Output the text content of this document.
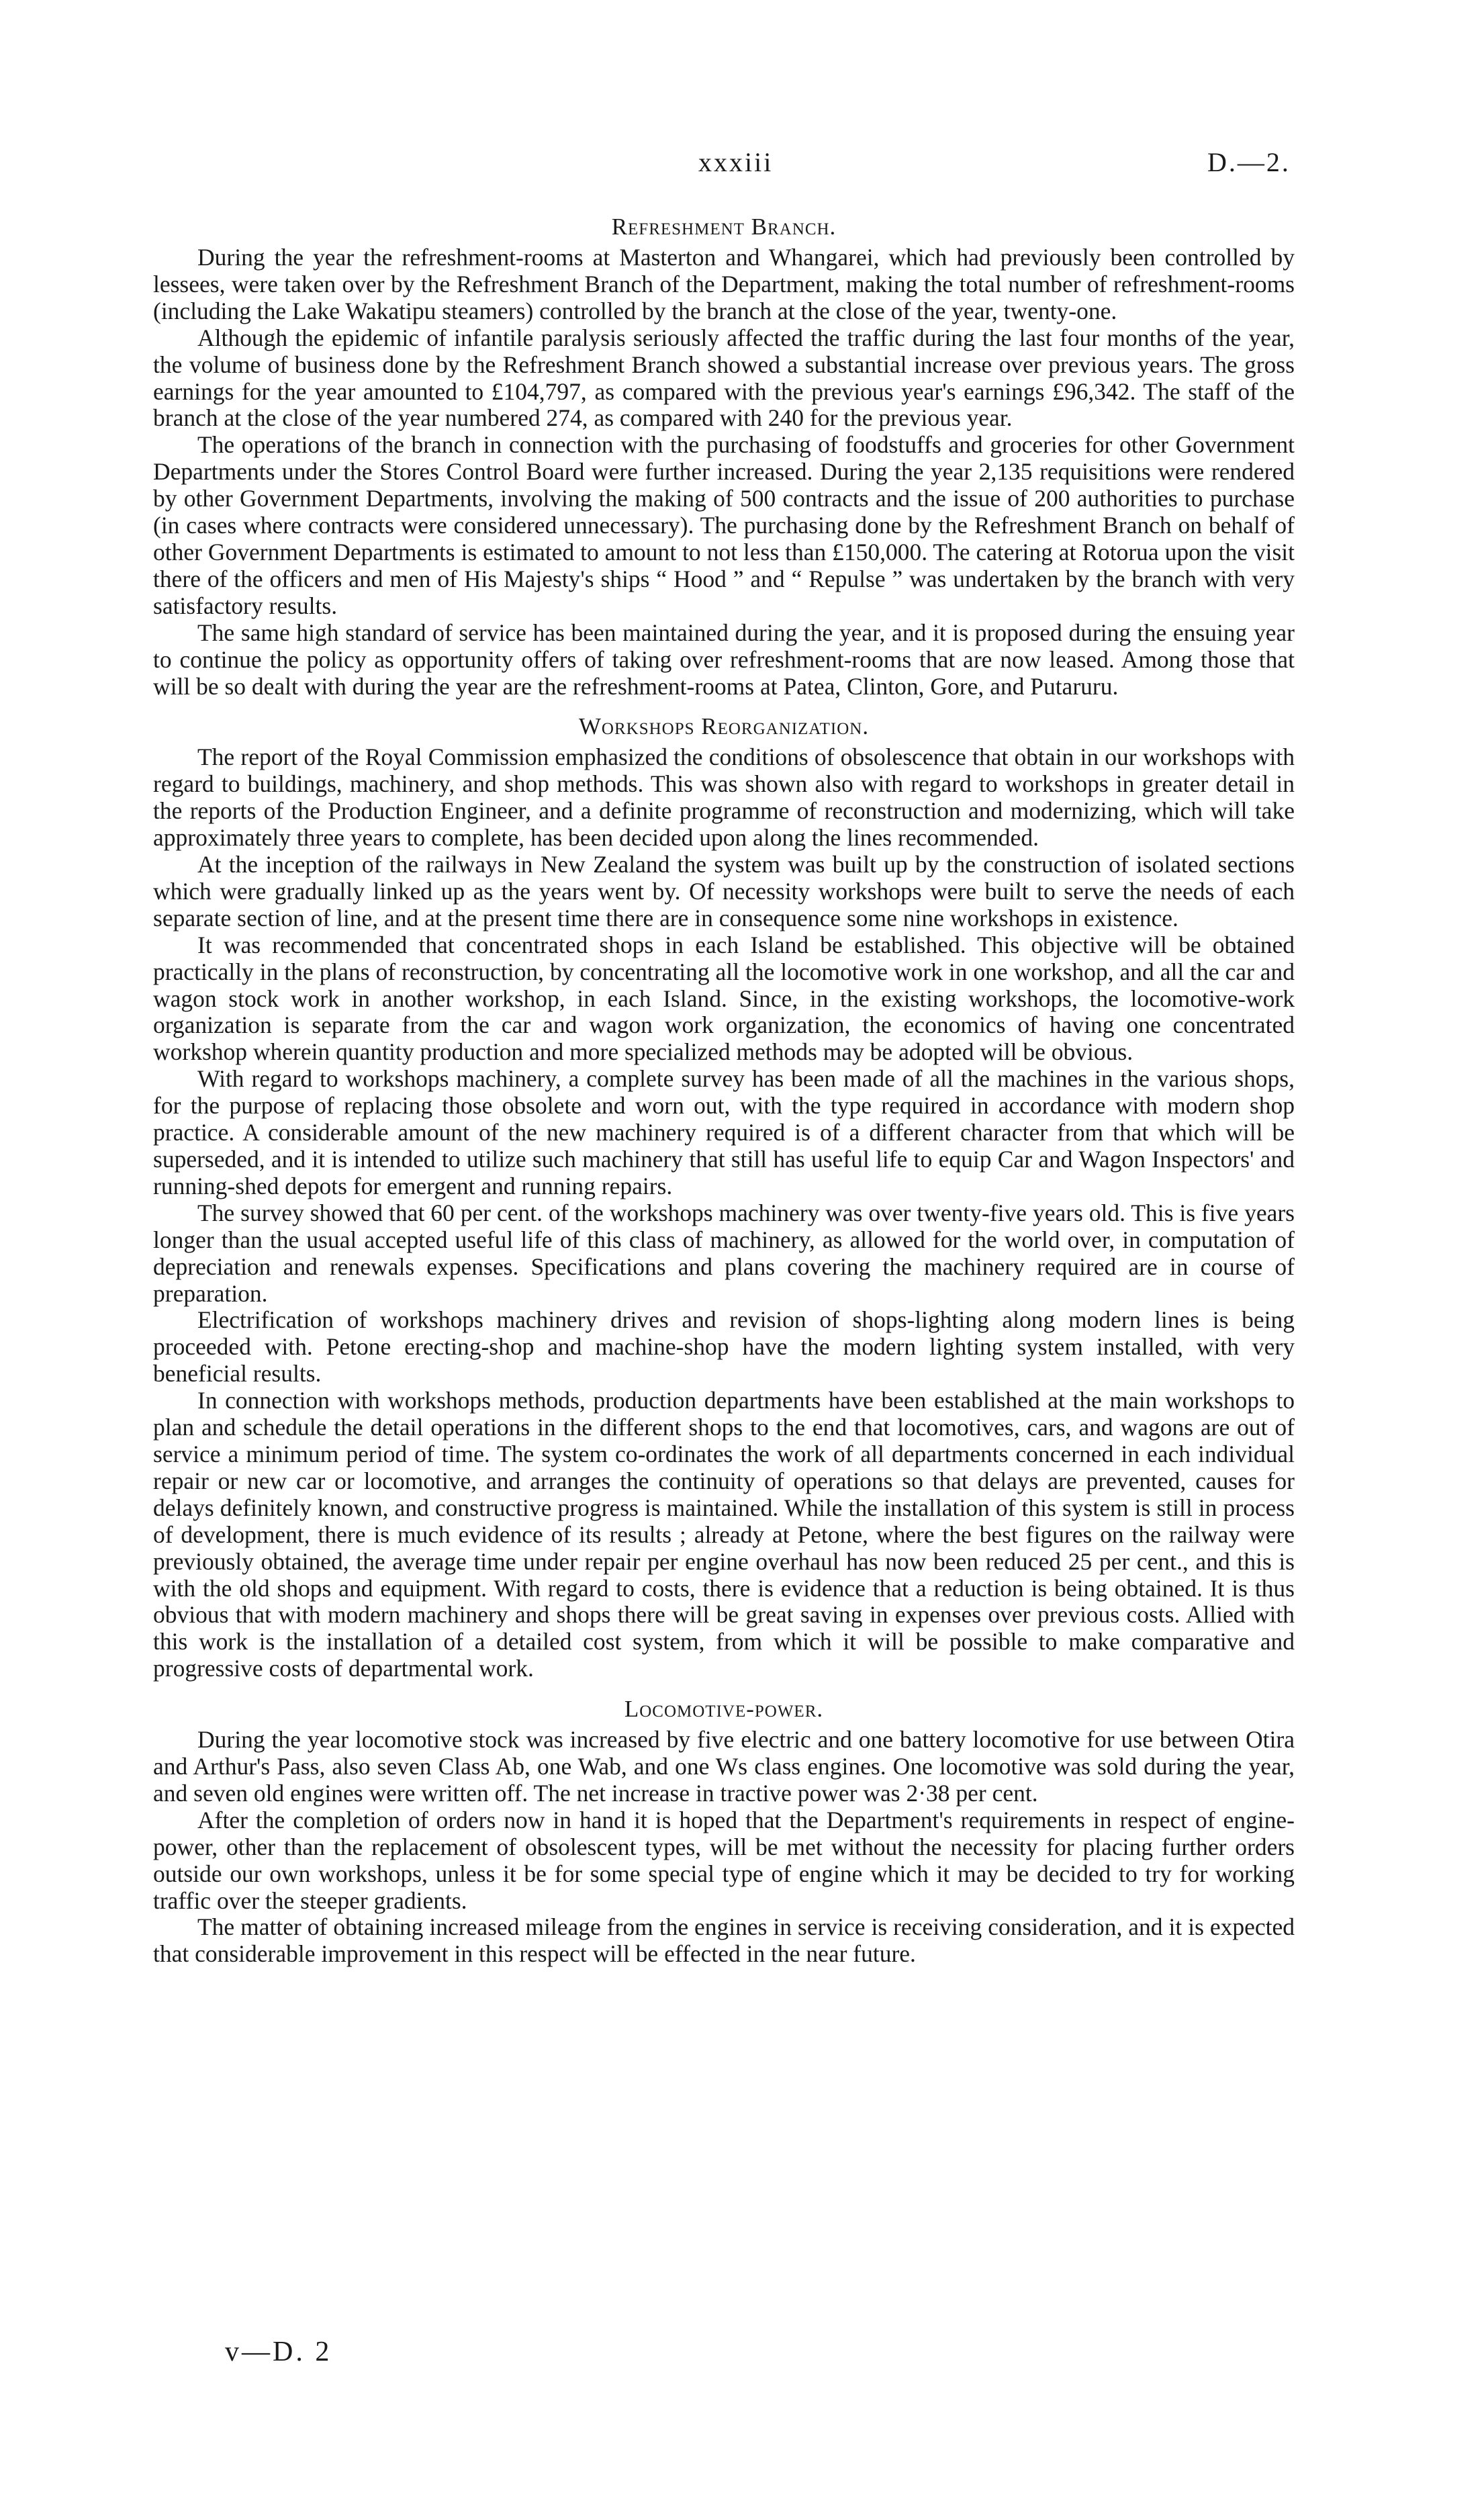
xxxiii	D.—2.
Refreshment Branch.

During the year the refreshment-rooms at Masterton and Whangarei, which had previously been controlled by lessees, were taken over by the Refreshment Branch of the Department, making the total number of refreshment-rooms (including the Lake Wakatipu steamers) controlled by the branch at the close of the year, twenty-one.

Although the epidemic of infantile paralysis seriously affected the traffic during the last four months of the year, the volume of business done by the Refreshment Branch showed a substantial increase over previous years. The gross earnings for the year amounted to £104,797, as compared with the previous year's earnings £96,342. The staff of the branch at the close of the year numbered 274, as compared with 240 for the previous year.

The operations of the branch in connection with the purchasing of foodstuffs and groceries for other Government Departments under the Stores Control Board were further increased. During the year 2,135 requisitions were rendered by other Government Departments, involving the making of 500 contracts and the issue of 200 authorities to purchase (in cases where contracts were considered unnecessary). The purchasing done by the Refreshment Branch on behalf of other Government Departments is estimated to amount to not less than £150,000. The catering at Rotorua upon the visit there of the officers and men of His Majesty's ships “ Hood ” and “ Repulse ” was undertaken by the branch with very satisfactory results.

The same high standard of service has been maintained during the year, and it is proposed during the ensuing year to continue the policy as opportunity offers of taking over refreshment-rooms that are now leased. Among those that will be so dealt with during the year are the refreshment-rooms at Patea, Clinton, Gore, and Putaruru.

Workshops Reorganization.

The report of the Royal Commission emphasized the conditions of obsolescence that obtain in our workshops with regard to buildings, machinery, and shop methods. This was shown also with regard to workshops in greater detail in the reports of the Production Engineer, and a definite programme of reconstruction and modernizing, which will take approximately three years to complete, has been decided upon along the lines recommended.

At the inception of the railways in New Zealand the system was built up by the construction of isolated sections which were gradually linked up as the years went by. Of necessity workshops were built to serve the needs of each separate section of line, and at the present time there are in consequence some nine workshops in existence.

It was recommended that concentrated shops in each Island be established. This objective will be obtained practically in the plans of reconstruction, by concentrating all the locomotive work in one workshop, and all the car and wagon stock work in another workshop, in each Island. Since, in the existing workshops, the locomotive-work organization is separate from the car and wagon work organization, the economics of having one concentrated workshop wherein quantity production and more specialized methods may be adopted will be obvious.

With regard to workshops machinery, a complete survey has been made of all the machines in the various shops, for the purpose of replacing those obsolete and worn out, with the type required in accordance with modern shop practice. A considerable amount of the new machinery required is of a different character from that which will be superseded, and it is intended to utilize such machinery that still has useful life to equip Car and Wagon Inspectors' and running-shed depots for emergent and running repairs.

The survey showed that 60 per cent. of the workshops machinery was over twenty-five years old. This is five years longer than the usual accepted useful life of this class of machinery, as allowed for the world over, in computation of depreciation and renewals expenses. Specifications and plans covering the machinery required are in course of preparation.

Electrification of workshops machinery drives and revision of shops-lighting along modern lines is being proceeded with. Petone erecting-shop and machine-shop have the modern lighting system installed, with very beneficial results.

In connection with workshops methods, production departments have been established at the main workshops to plan and schedule the detail operations in the different shops to the end that locomotives, cars, and wagons are out of service a minimum period of time. The system co-ordinates the work of all departments concerned in each individual repair or new car or locomotive, and arranges the continuity of operations so that delays are prevented, causes for delays definitely known, and constructive progress is maintained. While the installation of this system is still in process of development, there is much evidence of its results ; already at Petone, where the best figures on the railway were previously obtained, the average time under repair per engine overhaul has now been reduced 25 per cent., and this is with the old shops and equipment. With regard to costs, there is evidence that a reduction is being obtained. It is thus obvious that with modern machinery and shops there will be great saving in expenses over previous costs. Allied with this work is the installation of a detailed cost system, from which it will be possible to make comparative and progressive costs of departmental work.

Locomotive-power.

During the year locomotive stock was increased by five electric and one battery locomotive for use between Otira and Arthur's Pass, also seven Class Ab, one Wab, and one Ws class engines. One locomotive was sold during the year, and seven old engines were written off. The net increase in tractive power was 2·38 per cent.

After the completion of orders now in hand it is hoped that the Department's requirements in respect of engine-power, other than the replacement of obsolescent types, will be met without the necessity for placing further orders outside our own workshops, unless it be for some special type of engine which it may be decided to try for working traffic over the steeper gradients.

The matter of obtaining increased mileage from the engines in service is receiving consideration, and it is expected that considerable improvement in this respect will be effected in the near future.

v—D. 2
